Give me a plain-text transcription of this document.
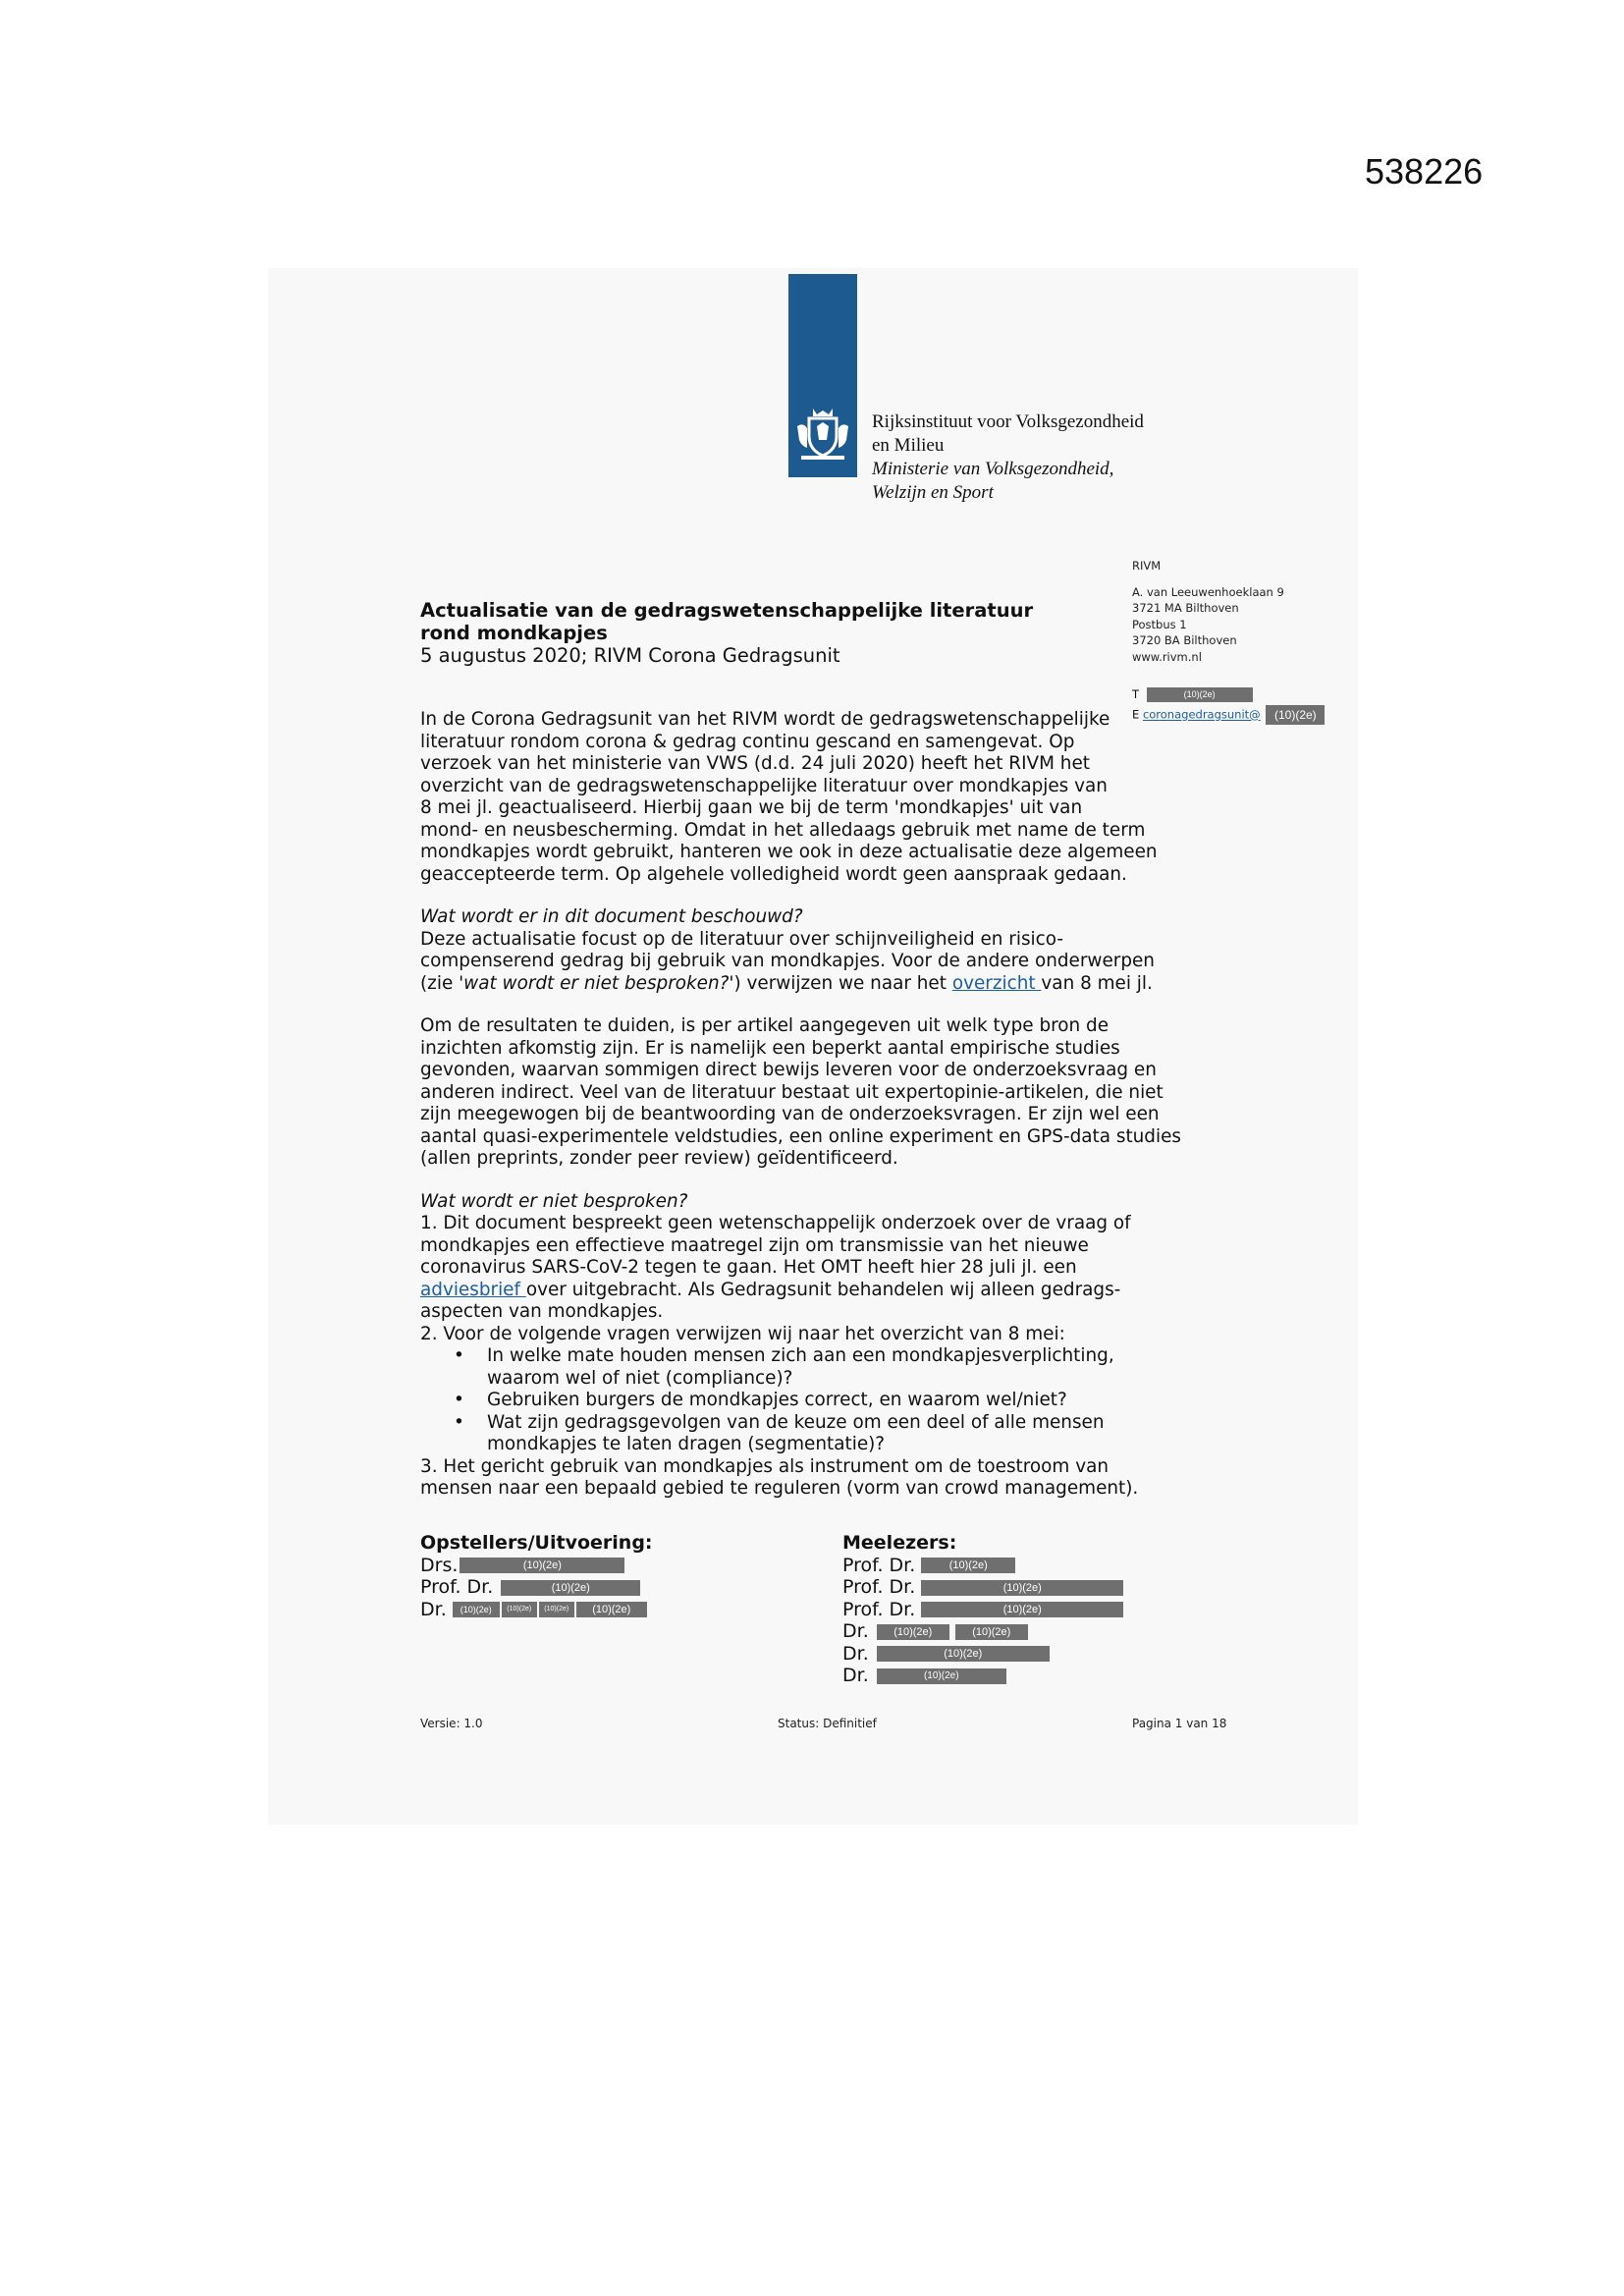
538226
Rijksinstituut voor Volksgezondheid
en Milieu
Ministerie van Volksgezondheid,
Welzijn en Sport
RIVM
A. van Leeuwenhoeklaan 9
3721 MA Bilthoven
Postbus 1
3720 BA Bilthoven
www.rivm.nl
T	(10)(2e)
E coronagedragsunit@ (10)(2e)
Actualisatie van de gedragswetenschappelijke literatuur
rond mondkapjes
5 augustus 2020; RIVM Corona Gedragsunit

In de Corona Gedragsunit van het RIVM wordt de gedragswetenschappelijke
literatuur rondom corona & gedrag continu gescand en samengevat. Op
verzoek van het ministerie van VWS (d.d. 24 juli 2020) heeft het RIVM het
overzicht van de gedragswetenschappelijke literatuur over mondkapjes van
8 mei jl. geactualiseerd. Hierbij gaan we bij de term 'mondkapjes' uit van
mond- en neusbescherming. Omdat in het alledaags gebruik met name de term
mondkapjes wordt gebruikt, hanteren we ook in deze actualisatie deze algemeen
geaccepteerde term. Op algehele volledigheid wordt geen aanspraak gedaan.

Wat wordt er in dit document beschouwd?
Deze actualisatie focust op de literatuur over schijnveiligheid en risico-
compenserend gedrag bij gebruik van mondkapjes. Voor de andere onderwerpen
(zie 'wat wordt er niet besproken?') verwijzen we naar het overzicht van 8 mei jl.

Om de resultaten te duiden, is per artikel aangegeven uit welk type bron de
inzichten afkomstig zijn. Er is namelijk een beperkt aantal empirische studies
gevonden, waarvan sommigen direct bewijs leveren voor de onderzoeksvraag en
anderen indirect. Veel van de literatuur bestaat uit expertopinie-artikelen, die niet
zijn meegewogen bij de beantwoording van de onderzoeksvragen. Er zijn wel een
aantal quasi-experimentele veldstudies, een online experiment en GPS-data studies
(allen preprints, zonder peer review) geïdentificeerd.

Wat wordt er niet besproken?
1. Dit document bespreekt geen wetenschappelijk onderzoek over de vraag of
mondkapjes een effectieve maatregel zijn om transmissie van het nieuwe
coronavirus SARS-CoV-2 tegen te gaan. Het OMT heeft hier 28 juli jl. een
adviesbrief over uitgebracht. Als Gedragsunit behandelen wij alleen gedrags-
aspecten van mondkapjes.
2. Voor de volgende vragen verwijzen wij naar het overzicht van 8 mei:
• In welke mate houden mensen zich aan een mondkapjesverplichting,
waarom wel of niet (compliance)?
• Gebruiken burgers de mondkapjes correct, en waarom wel/niet?
• Wat zijn gedragsgevolgen van de keuze om een deel of alle mensen
mondkapjes te laten dragen (segmentatie)?
3. Het gericht gebruik van mondkapjes als instrument om de toestroom van
mensen naar een bepaald gebied te reguleren (vorm van crowd management).
Opstellers/Uitvoering:
Drs.	(10)(2e)
Prof. Dr.	(10)(2e)
Dr. (10)(2e) (10)(2e) (10)(2e) (10)(2e)
Meelezers:
Prof. Dr.	(10)(2e)
Prof. Dr.	(10)(2e)
Prof. Dr.	(10)(2e)
Dr. (10)(2e)	(10)(2e)
Dr.	(10)(2e)
Dr.	(10)(2e)
Versie: 1.0	Status: Definitief	Pagina 1 van 18
